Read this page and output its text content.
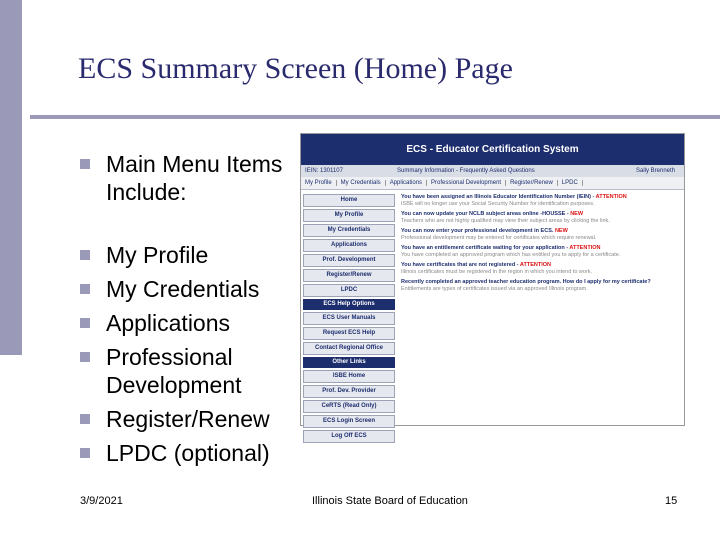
ECS Summary Screen (Home) Page
Main Menu Items Include:
My Profile
My Credentials
Applications
Professional Development
Register/Renew
LPDC (optional)
ECS - Educator Certification System
IEIN: 1301107	Summary Information - Frequently Asked Questions	Sally Brenneth
My Profile My Credentials Applications Professional Development Register/Renew LPDC
Home
My Profile
My Credentials
Applications
Prof. Development
Register/Renew
LPDC
ECS Help Options
ECS User Manuals
Request ECS Help
Contact Regional Office
Other Links
ISBE Home
Prof. Dev. Provider
CeRTS (Read Only)
ECS Login Screen
Log Off ECS
You have been assigned an Illinois Educator Identification Number (IEIN) - ATTENTION
ISBE will no longer use your Social Security Number for identification purposes.
You can now update your NCLB subject areas online -HOUSSE - NEW
Teachers who are not highly qualified may view their subject areas by clicking the link.
You can now enter your professional development in ECS. NEW
Professional development may be entered for certificates which require renewal.
You have an entitlement certificate waiting for your application - ATTENTION
You have completed an approved program which has entitled you to apply for a certificate.
You have certificates that are not registered - ATTENTION
Illinois certificates must be registered in the region in which you intend to work.
Recently completed an approved teacher education program. How do I apply for my certificate?
Entitlements are types of certificates issued via an approved Illinois program.
3/9/2021	Illinois State Board of Education	15
